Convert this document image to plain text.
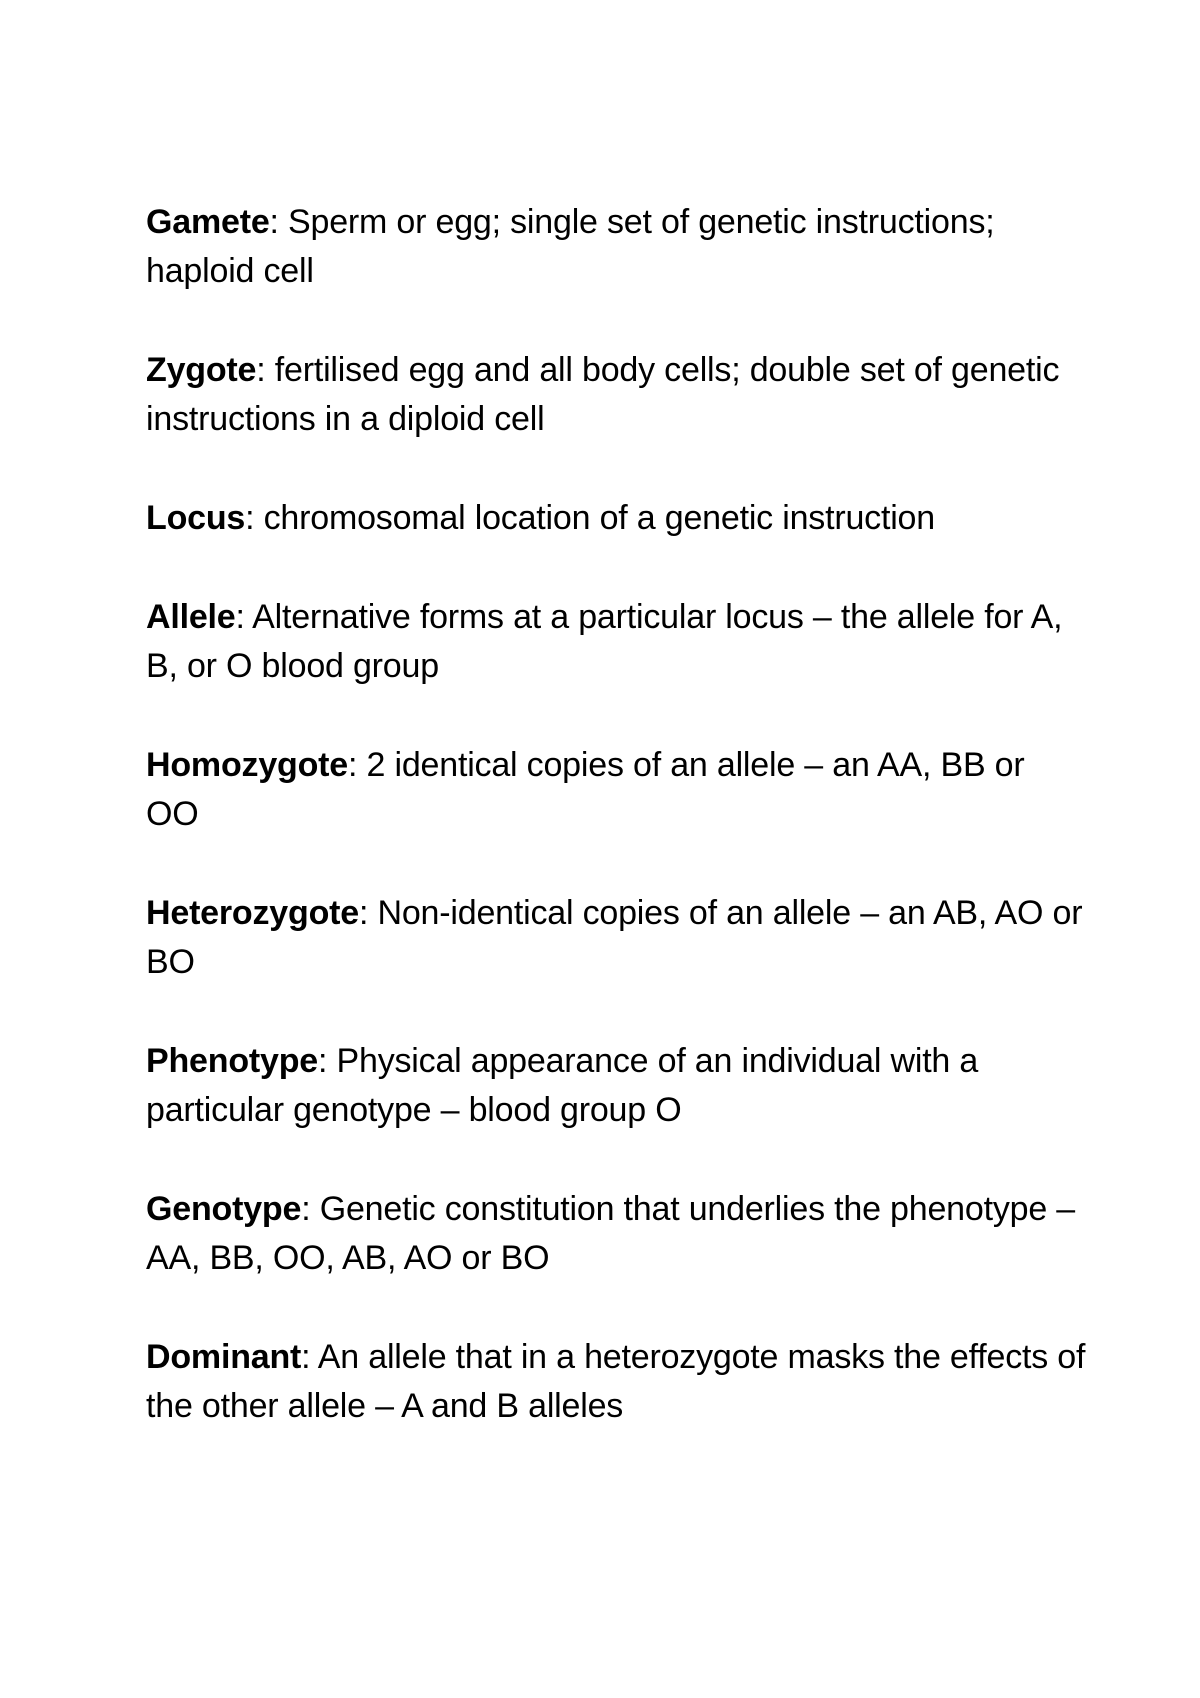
Gamete: Sperm or egg; single set of genetic instructions; haploid cell
Zygote: fertilised egg and all body cells; double set of genetic instructions in a diploid cell
Locus: chromosomal location of a genetic instruction
Allele: Alternative forms at a particular locus – the allele for A, B, or O blood group
Homozygote: 2 identical copies of an allele – an AA, BB or OO
Heterozygote: Non-identical copies of an allele – an AB, AO or BO
Phenotype: Physical appearance of an individual with a particular genotype – blood group O
Genotype: Genetic constitution that underlies the phenotype – AA, BB, OO, AB, AO or BO
Dominant: An allele that in a heterozygote masks the effects of the other allele – A and B alleles
